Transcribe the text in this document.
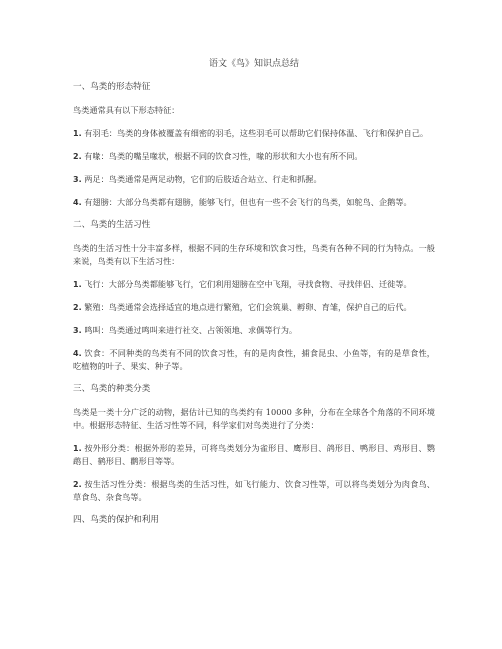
语文《鸟》知识点总结
一、鸟类的形态特征

鸟类通常具有以下形态特征：

1. 有羽毛：鸟类的身体被覆盖有细密的羽毛，这些羽毛可以帮助它们保持体温、飞行和保护自己。

2. 有喙：鸟类的嘴呈喙状，根据不同的饮食习性，喙的形状和大小也有所不同。

3. 两足：鸟类通常是两足动物，它们的后肢适合站立、行走和抓握。

4. 有翅膀：大部分鸟类都有翅膀，能够飞行，但也有一些不会飞行的鸟类，如鸵鸟、企鹅等。

二、鸟类的生活习性

鸟类的生活习性十分丰富多样，根据不同的生存环境和饮食习性，鸟类有各种不同的行为特点。一般来说，鸟类有以下生活习性：

1. 飞行：大部分鸟类都能够飞行，它们利用翅膀在空中飞翔，寻找食物、寻找伴侣、迁徙等。

2. 繁殖：鸟类通常会选择适宜的地点进行繁殖，它们会筑巢、孵卵、育雏，保护自己的后代。

3. 鸣叫：鸟类通过鸣叫来进行社交、占领领地、求偶等行为。

4. 饮食：不同种类的鸟类有不同的饮食习性，有的是肉食性，捕食昆虫、小鱼等，有的是草食性，吃植物的叶子、果实、种子等。

三、鸟类的种类分类

鸟类是一类十分广泛的动物，据估计已知的鸟类约有 10000 多种，分布在全球各个角落的不同环境中。根据形态特征、生活习性等不同，科学家们对鸟类进行了分类：

1. 按外形分类：根据外形的差异，可将鸟类划分为雀形目、鹰形目、鸽形目、鸭形目、鸡形目、鹦鹉目、鹤形目、鹳形目等等。

2. 按生活习性分类：根据鸟类的生活习性，如飞行能力、饮食习性等，可以将鸟类划分为肉食鸟、草食鸟、杂食鸟等。

四、鸟类的保护和利用
